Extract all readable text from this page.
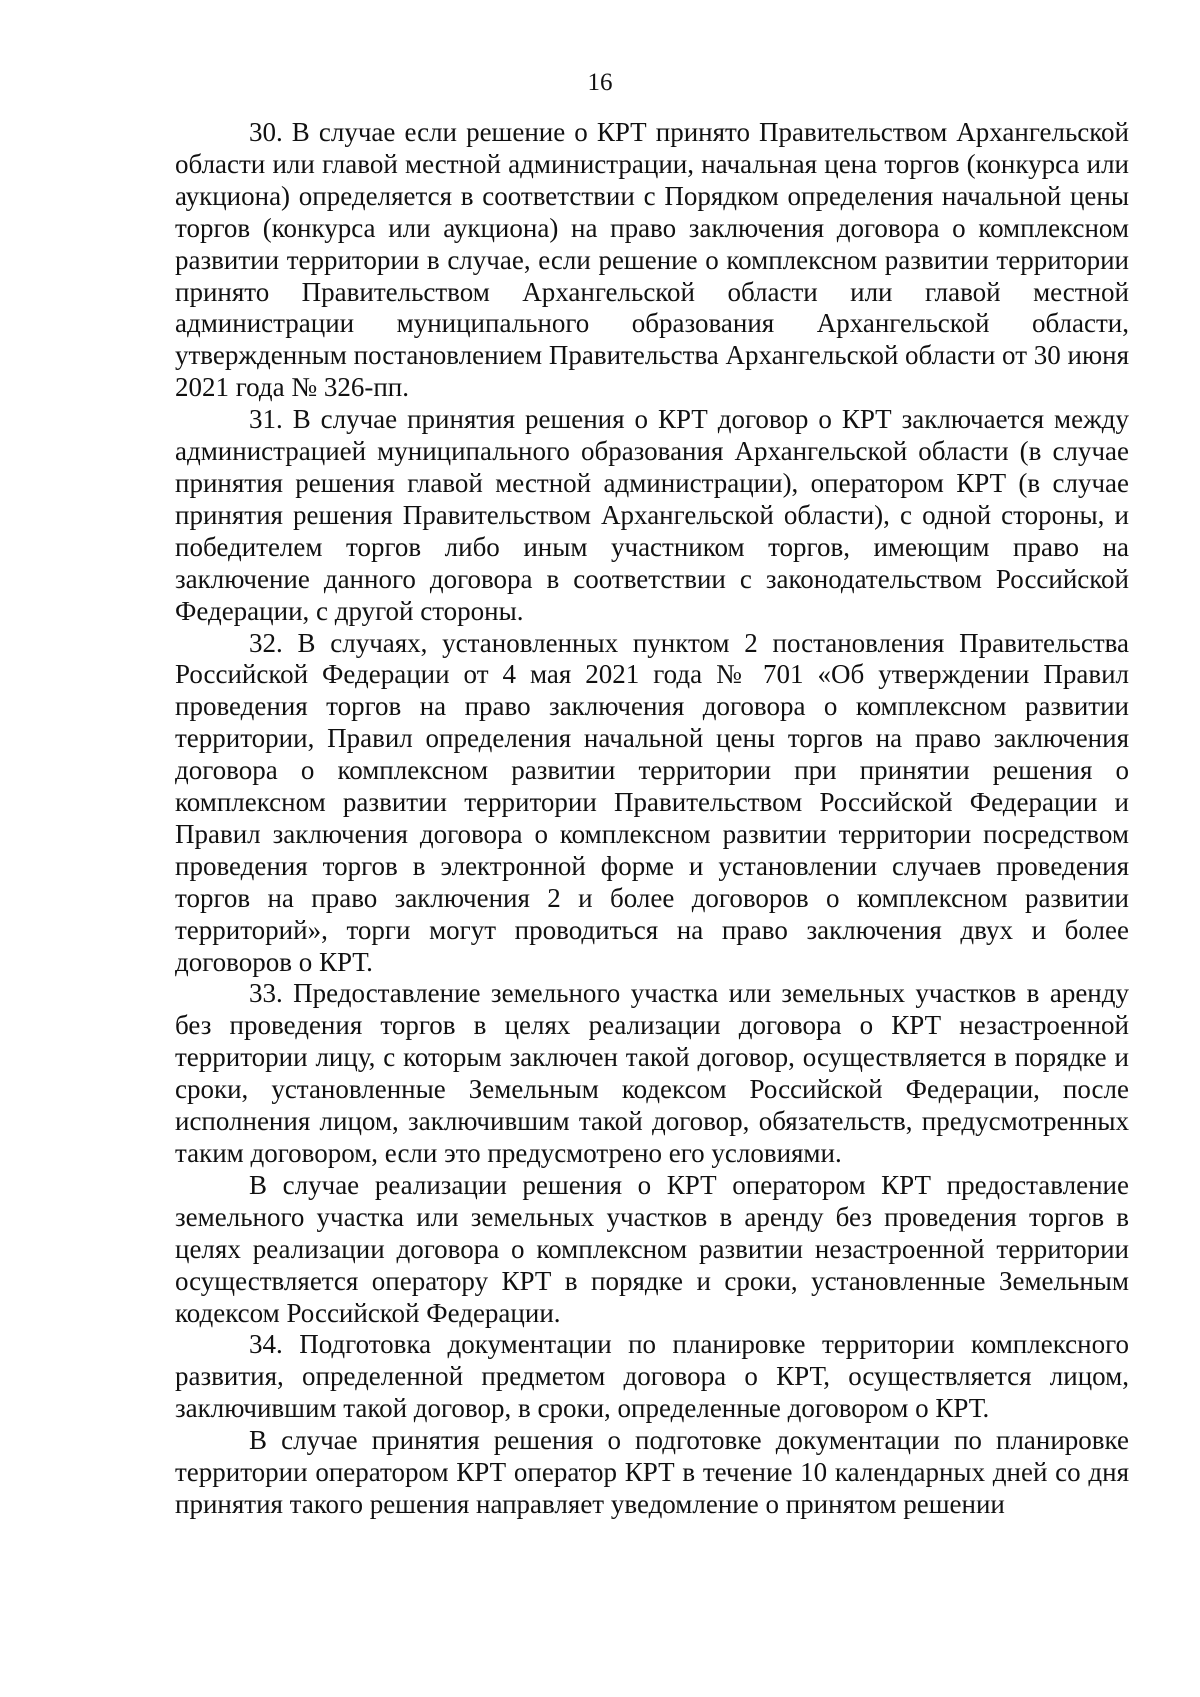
16

30. В случае если решение о КРТ принято Правительством Архангельской области или главой местной администрации, начальная цена торгов (конкурса или аукциона) определяется в соответствии с Порядком определения начальной цены торгов (конкурса или аукциона) на право заключения договора о комплексном развитии территории в случае, если решение о комплексном развитии территории принято Правительством Архангельской области или главой местной администрации муниципального образования Архангельской области, утвержденным постановлением Правительства Архангельской области от 30 июня 2021 года № 326-пп.

31. В случае принятия решения о КРТ договор о КРТ заключается между администрацией муниципального образования Архангельской области (в случае принятия решения главой местной администрации), оператором КРТ (в случае принятия решения Правительством Архангельской области), с одной стороны, и победителем торгов либо иным участником торгов, имеющим право на заключение данного договора в соответствии с законодательством Российской Федерации, с другой стороны.

32. В случаях, установленных пунктом 2 постановления Правительства Российской Федерации от 4 мая 2021 года № 701 «Об утверждении Правил проведения торгов на право заключения договора о комплексном развитии территории, Правил определения начальной цены торгов на право заключения договора о комплексном развитии территории при принятии решения о комплексном развитии территории Правительством Российской Федерации и Правил заключения договора о комплексном развитии территории посредством проведения торгов в электронной форме и установлении случаев проведения торгов на право заключения 2 и более договоров о комплексном развитии территорий», торги могут проводиться на право заключения двух и более договоров о КРТ.

33. Предоставление земельного участка или земельных участков в аренду без проведения торгов в целях реализации договора о КРТ незастроенной территории лицу, с которым заключен такой договор, осуществляется в порядке и сроки, установленные Земельным кодексом Российской Федерации, после исполнения лицом, заключившим такой договор, обязательств, предусмотренных таким договором, если это предусмотрено его условиями.

В случае реализации решения о КРТ оператором КРТ предоставление земельного участка или земельных участков в аренду без проведения торгов в целях реализации договора о комплексном развитии незастроенной территории осуществляется оператору КРТ в порядке и сроки, установленные Земельным кодексом Российской Федерации.

34. Подготовка документации по планировке территории комплексного развития, определенной предметом договора о КРТ, осуществляется лицом, заключившим такой договор, в сроки, определенные договором о КРТ.

В случае принятия решения о подготовке документации по планировке территории оператором КРТ оператор КРТ в течение 10 календарных дней со дня принятия такого решения направляет уведомление о принятом решении
